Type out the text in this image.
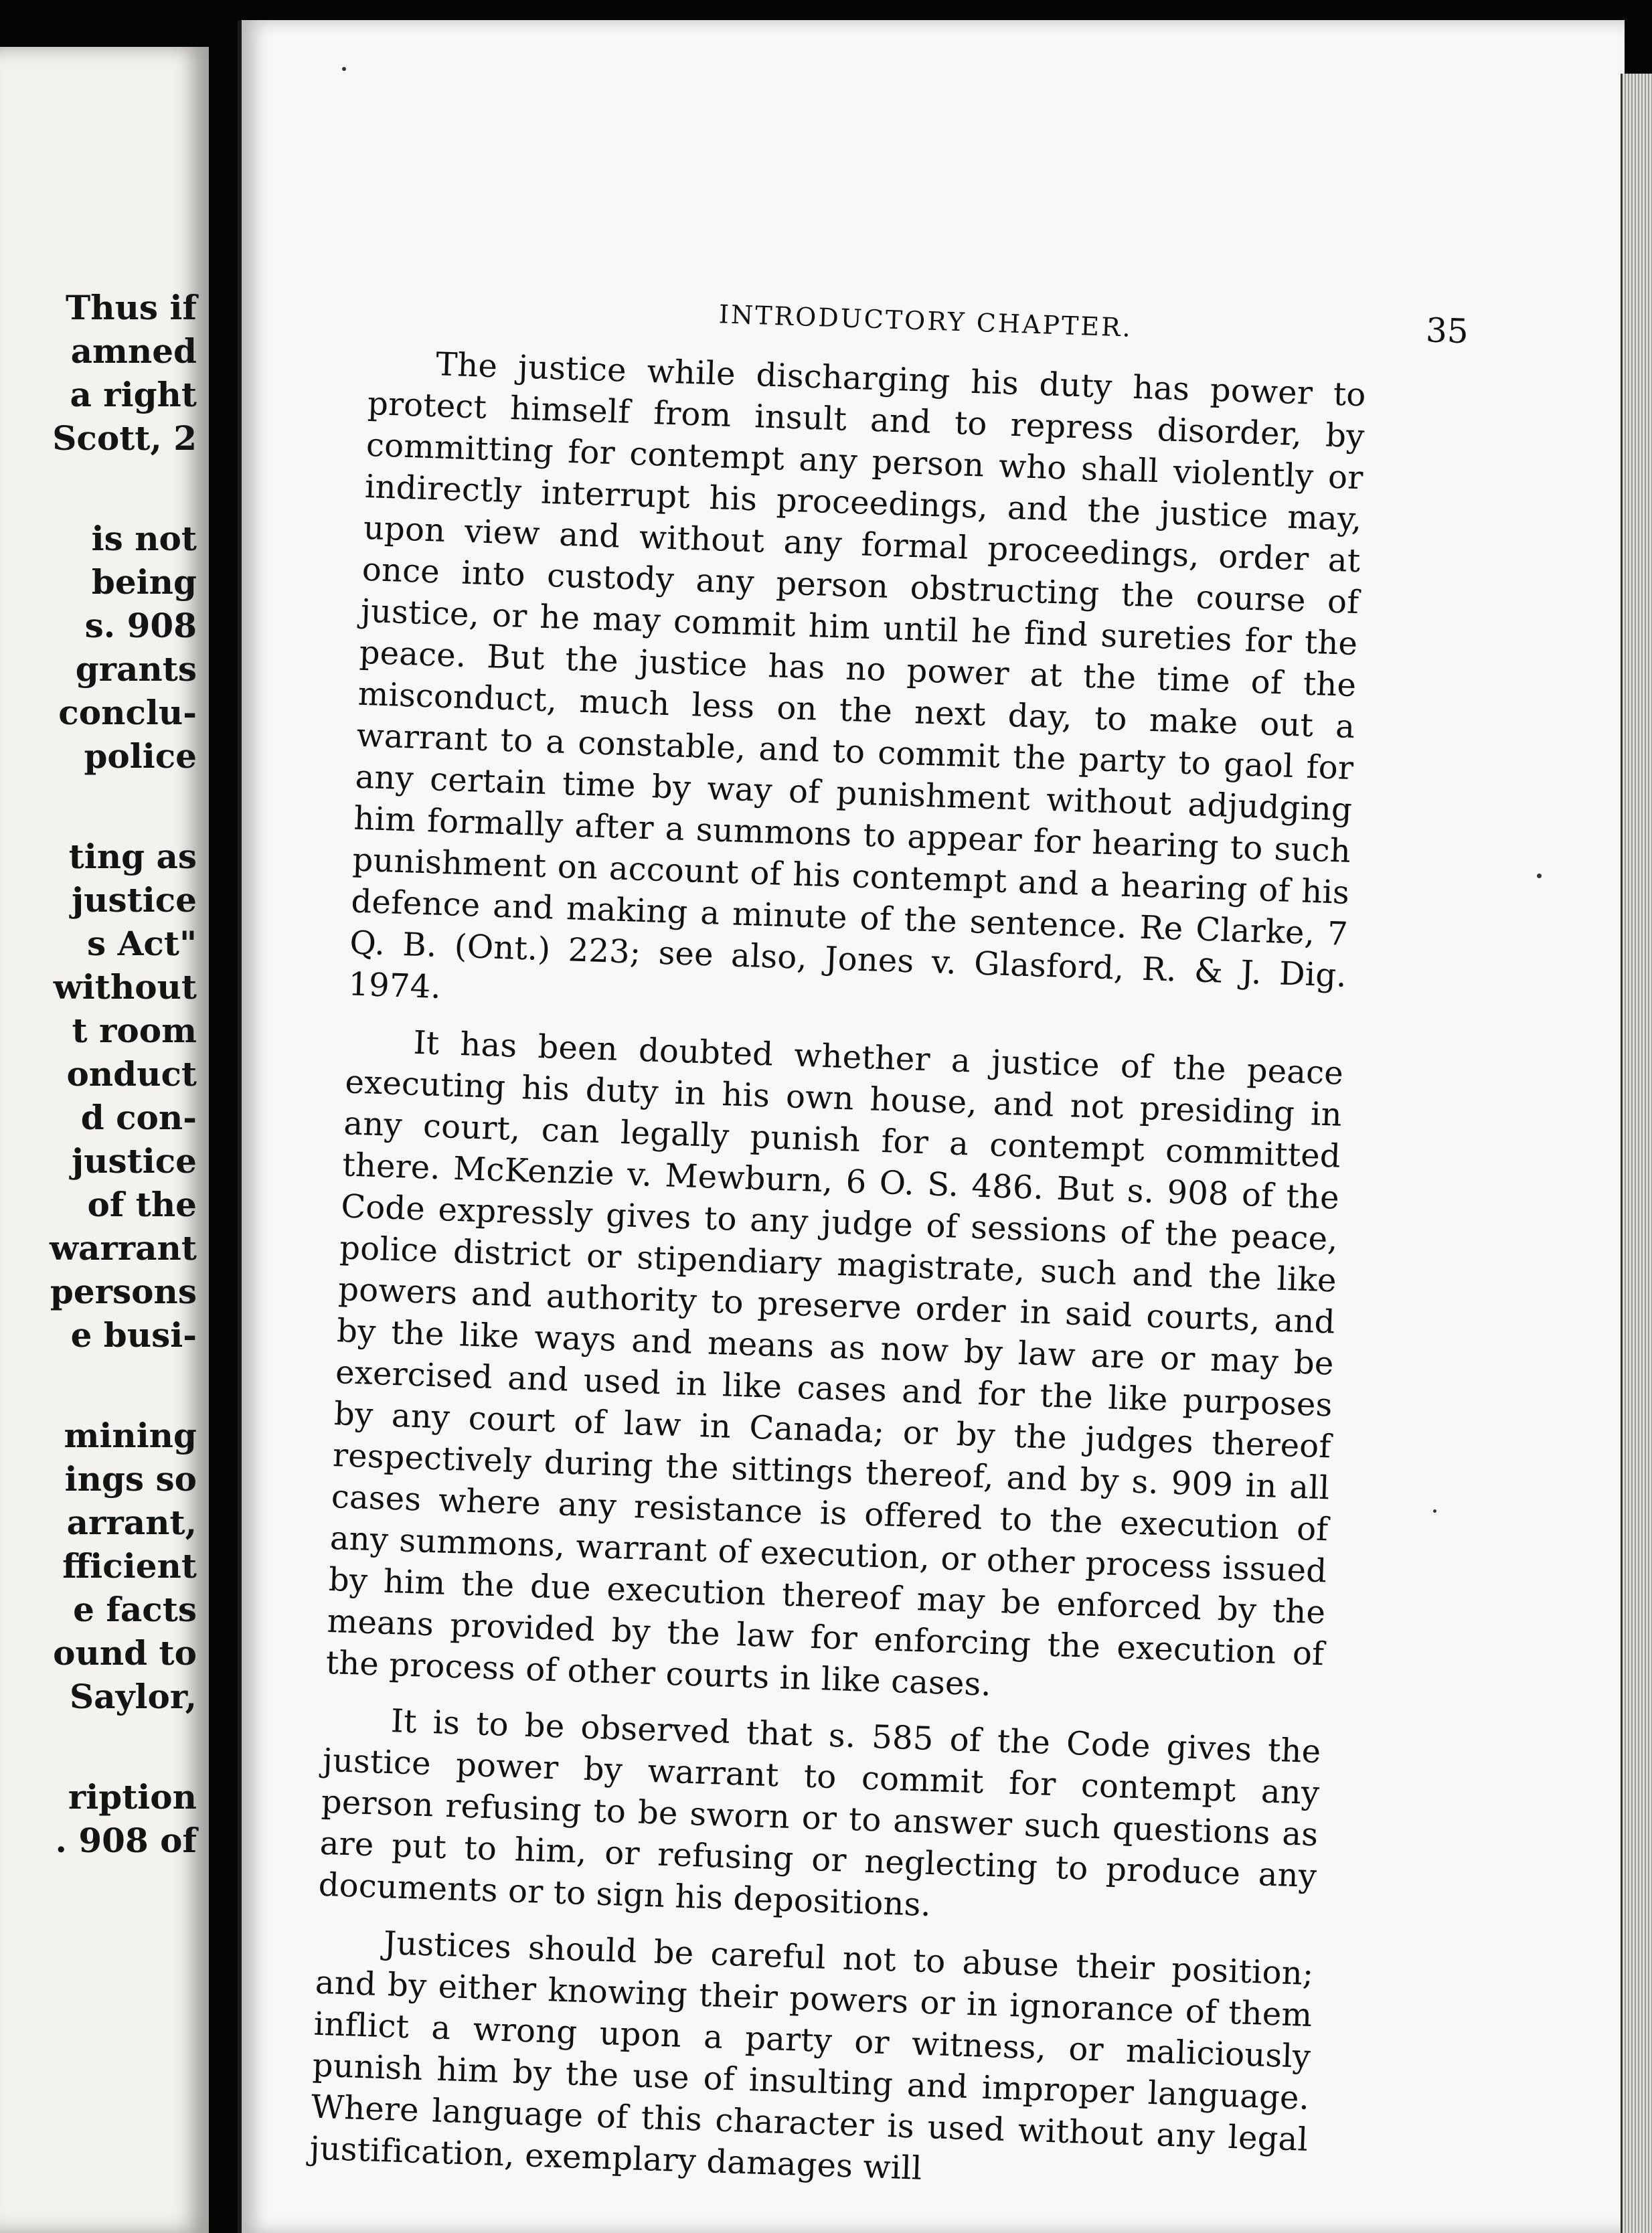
Thus if

amned

a right

Scott, 2

is not

being

s. 908

grants

conclu-

police

ting as

justice

s Act"

without

t room

onduct

d con-

justice

of the

warrant

persons

e busi-

mining

ings so

arrant,

fficient

e facts

ound to

Saylor,

ription

. 908 of

INTRODUCTORY CHAPTER.	35

The justice while discharging his duty has power to protect himself from insult and to repress disorder, by committing for contempt any person who shall violently or indirectly interrupt his proceedings, and the justice may, upon view and without any formal proceedings, order at once into custody any person obstructing the course of justice, or he may commit him until he find sureties for the peace. But the justice has no power at the time of the misconduct, much less on the next day, to make out a warrant to a constable, and to commit the party to gaol for any certain time by way of punishment without adjudging him formally after a summons to appear for hearing to such punishment on account of his contempt and a hearing of his defence and making a minute of the sentence. Re Clarke, 7 Q. B. (Ont.) 223; see also, Jones v. Glasford, R. & J. Dig. 1974.

It has been doubted whether a justice of the peace executing his duty in his own house, and not presiding in any court, can legally punish for a contempt committed there. McKenzie v. Mewburn, 6 O. S. 486. But s. 908 of the Code expressly gives to any judge of sessions of the peace, police district or stipendiary magistrate, such and the like powers and authority to preserve order in said courts, and by the like ways and means as now by law are or may be exercised and used in like cases and for the like purposes by any court of law in Canada; or by the judges thereof respectively during the sittings thereof, and by s. 909 in all cases where any resistance is offered to the execution of any summons, warrant of execution, or other process issued by him the due execution thereof may be enforced by the means provided by the law for enforcing the execution of the process of other courts in like cases.

It is to be observed that s. 585 of the Code gives the justice power by warrant to commit for contempt any person refusing to be sworn or to answer such questions as are put to him, or refusing or neglecting to produce any documents or to sign his depositions.

Justices should be careful not to abuse their position; and by either knowing their powers or in ignorance of them inflict a wrong upon a party or witness, or maliciously punish him by the use of insulting and improper language. Where language of this character is used without any legal justification, exemplary damages will
